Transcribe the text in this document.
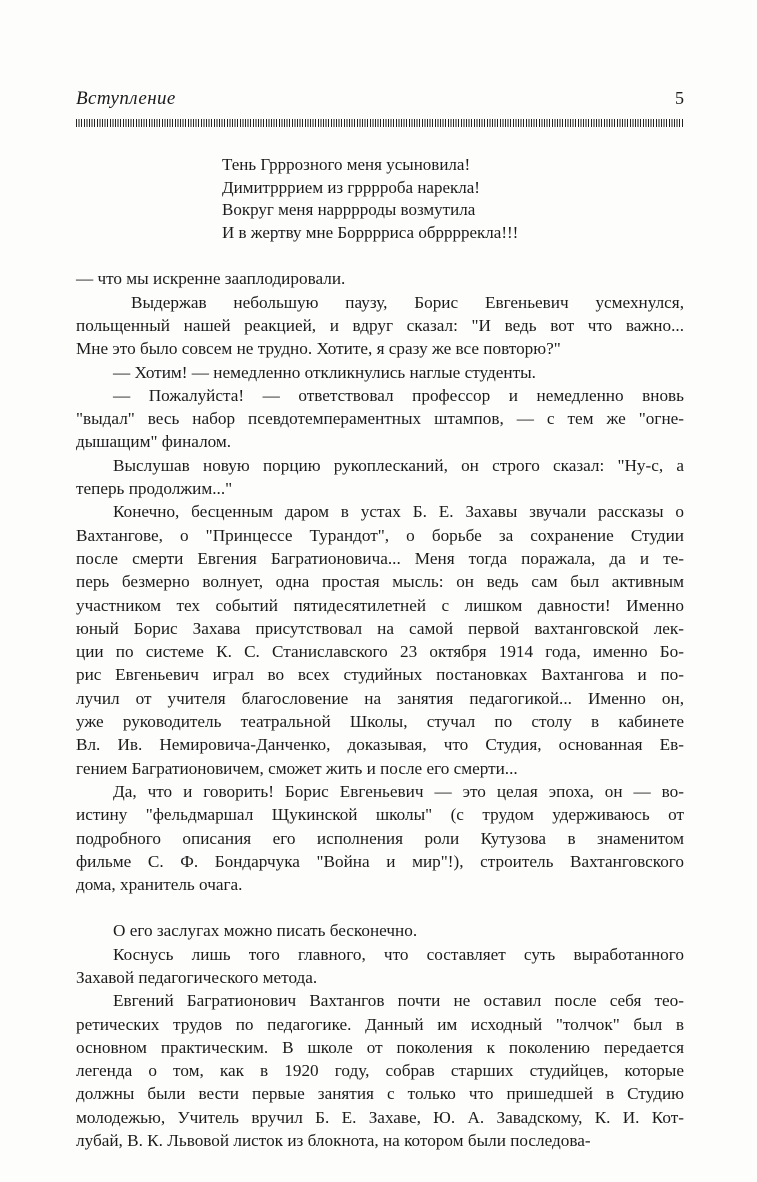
Вступление	5
Тень Грррозного меня усыновила!
Димитрррием из грррроба нарекла!
Вокруг меня нарррроды возмутила
И в жертву мне Борррриса обррррекла!!!
— что мы искренне зааплодировали.
Выдержав небольшую паузу, Борис Евгеньевич усмехнулся,
польщенный нашей реакцией, и вдруг сказал: "И ведь вот что важно...
Мне это было совсем не трудно. Хотите, я сразу же все повторю?"
— Хотим! — немедленно откликнулись наглые студенты.
— Пожалуйста! — ответствовал профессор и немедленно вновь
"выдал" весь набор псевдотемпераментных штампов, — с тем же "огне-
дышащим" финалом.
Выслушав новую порцию рукоплесканий, он строго сказал: "Ну-с, а
теперь продолжим..."
Конечно, бесценным даром в устах Б. Е. Захавы звучали рассказы о
Вахтангове, о "Принцессе Турандот", о борьбе за сохранение Студии
после смерти Евгения Багратионовича... Меня тогда поражала, да и те-
перь безмерно волнует, одна простая мысль: он ведь сам был активным
участником тех событий пятидесятилетней с лишком давности! Именно
юный Борис Захава присутствовал на самой первой вахтанговской лек-
ции по системе К. С. Станиславского 23 октября 1914 года, именно Бо-
рис Евгеньевич играл во всех студийных постановках Вахтангова и по-
лучил от учителя благословение на занятия педагогикой... Именно он,
уже руководитель театральной Школы, стучал по столу в кабинете
Вл. Ив. Немировича-Данченко, доказывая, что Студия, основанная Ев-
гением Багратионовичем, сможет жить и после его смерти...
Да, что и говорить! Борис Евгеньевич — это целая эпоха, он — во-
истину "фельдмаршал Щукинской школы" (с трудом удерживаюсь от
подробного описания его исполнения роли Кутузова в знаменитом
фильме С. Ф. Бондарчука "Война и мир"!), строитель Вахтанговского
дома, хранитель очага.
О его заслугах можно писать бесконечно.
Коснусь лишь того главного, что составляет суть выработанного
Захавой педагогического метода.
Евгений Багратионович Вахтангов почти не оставил после себя тео-
ретических трудов по педагогике. Данный им исходный "толчок" был в
основном практическим. В школе от поколения к поколению передается
легенда о том, как в 1920 году, собрав старших студийцев, которые
должны были вести первые занятия с только что пришедшей в Студию
молодежью, Учитель вручил Б. Е. Захаве, Ю. А. Завадскому, К. И. Кот-
лубай, В. К. Львовой листок из блокнота, на котором были последова-
